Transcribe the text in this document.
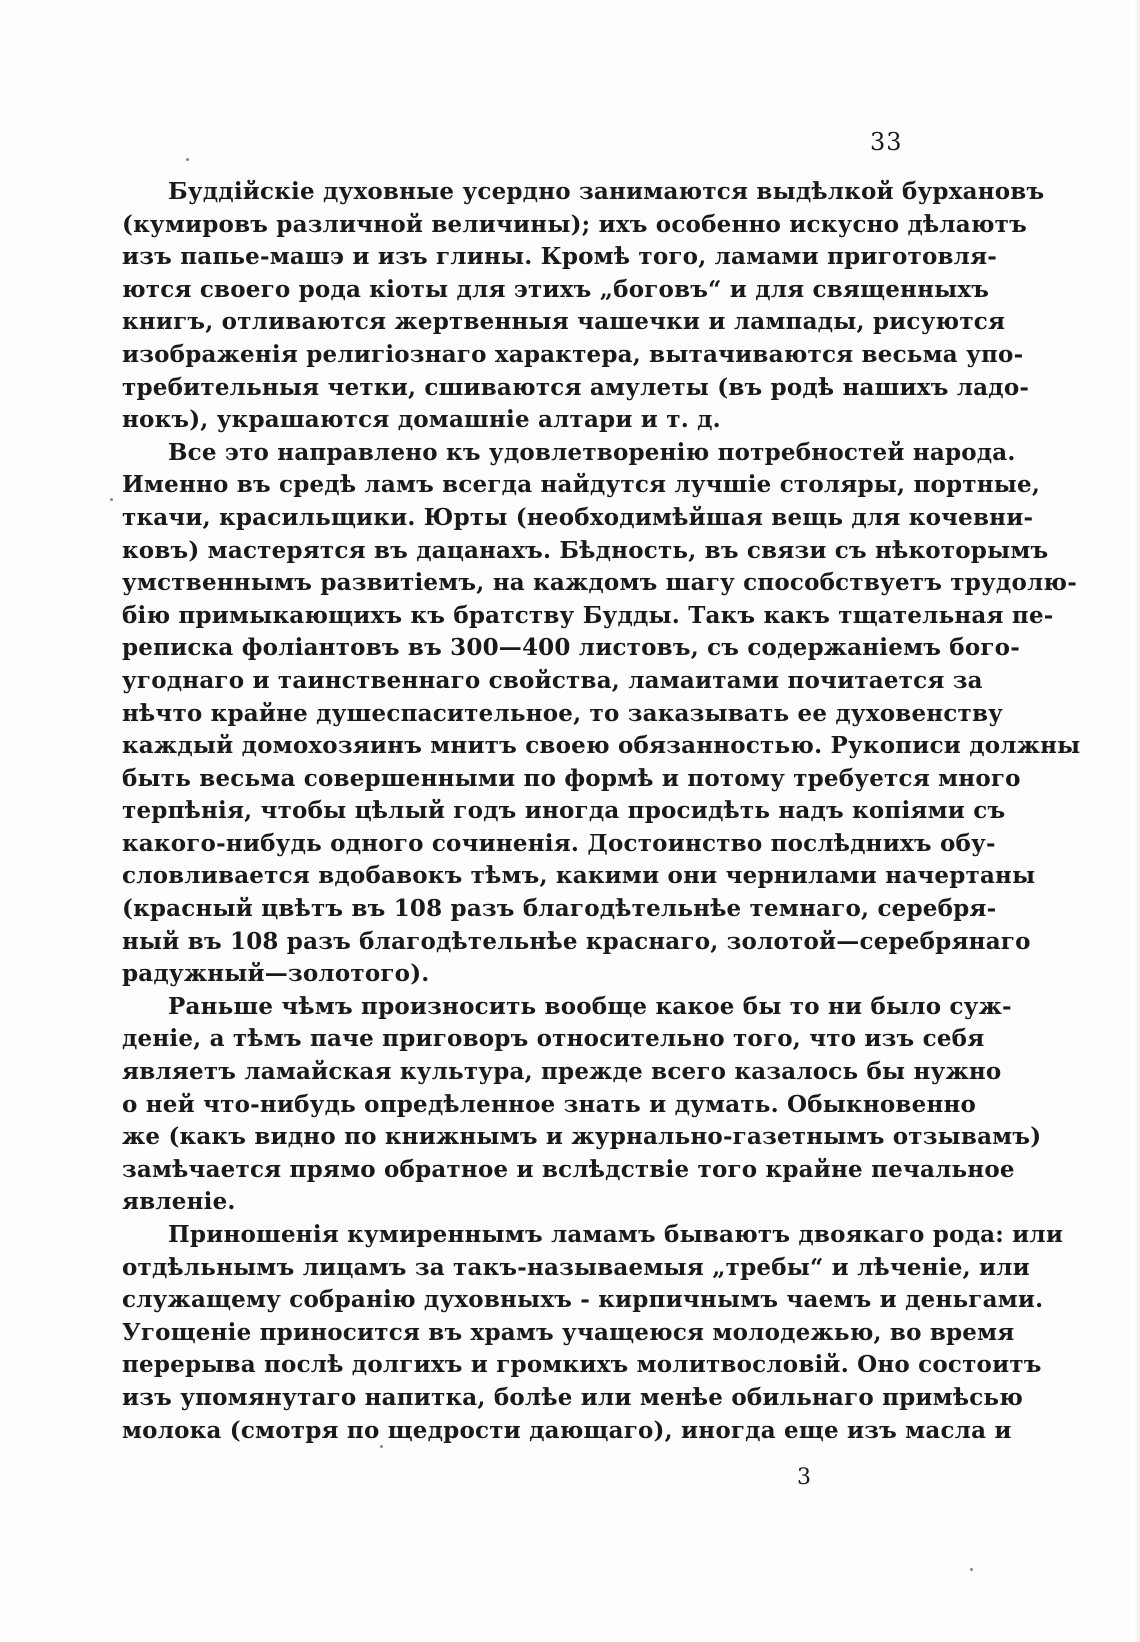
33
Буддійскіе духовные усердно занимаются выдѣлкой бурхановъ
(кумировъ различной величины); ихъ особенно искусно дѣлаютъ
изъ папье-машэ и изъ глины. Кромѣ того, ламами приготовля-
ются своего рода кіоты для этихъ „боговъ“ и для священныхъ
книгъ, отливаются жертвенныя чашечки и лампады, рисуются
изображенія религіознаго характера, вытачиваются весьма упо-
требительныя четки, сшиваются амулеты (въ родѣ нашихъ ладо-
нокъ), украшаются домашніе алтари и т. д.
Все это направлено къ удовлетворенію потребностей народа.
Именно въ средѣ ламъ всегда найдутся лучшіе столяры, портные,
ткачи, красильщики. Юрты (необходимѣйшая вещь для кочевни-
ковъ) мастерятся въ дацанахъ. Бѣдность, въ связи съ нѣкоторымъ
умственнымъ развитіемъ, на каждомъ шагу способствуетъ трудолю-
бію примыкающихъ къ братству Будды. Такъ какъ тщательная пе-
реписка фоліантовъ въ 300—400 листовъ, съ содержаніемъ бого-
угоднаго и таинственнаго свойства, ламаитами почитается за
нѣчто крайне душеспасительное, то заказывать ее духовенству
каждый домохозяинъ мнитъ своею обязанностью. Рукописи должны
быть весьма совершенными по формѣ и потому требуется много
терпѣнія, чтобы цѣлый годъ иногда просидѣть надъ копіями съ
какого-нибудь одного сочиненія. Достоинство послѣднихъ обу-
словливается вдобавокъ тѣмъ, какими они чернилами начертаны
(красный цвѣтъ въ 108 разъ благодѣтельнѣе темнаго, серебря-
ный въ 108 разъ благодѣтельнѣе краснаго, золотой—серебрянаго
радужный—золотого).
Раньше чѣмъ произносить вообще какое бы то ни было суж-
деніе, а тѣмъ паче приговоръ относительно того, что изъ себя
являетъ ламайская культура, прежде всего казалось бы нужно
о ней что-нибудь опредѣленное знать и думать. Обыкновенно
же (какъ видно по книжнымъ и журнально-газетнымъ отзывамъ)
замѣчается прямо обратное и вслѣдствіе того крайне печальное
явленіе.
Приношенія кумиреннымъ ламамъ бываютъ двоякаго рода: или
отдѣльнымъ лицамъ за такъ-называемыя „требы“ и лѣченіе, или
служащему собранію духовныхъ - кирпичнымъ чаемъ и деньгами.
Угощеніе приносится въ храмъ учащеюся молодежью, во время
перерыва послѣ долгихъ и громкихъ молитвословій. Оно состоитъ
изъ упомянутаго напитка, болѣе или менѣе обильнаго примѣсью
молока (смотря по щедрости дающаго), иногда еще изъ масла и
3
